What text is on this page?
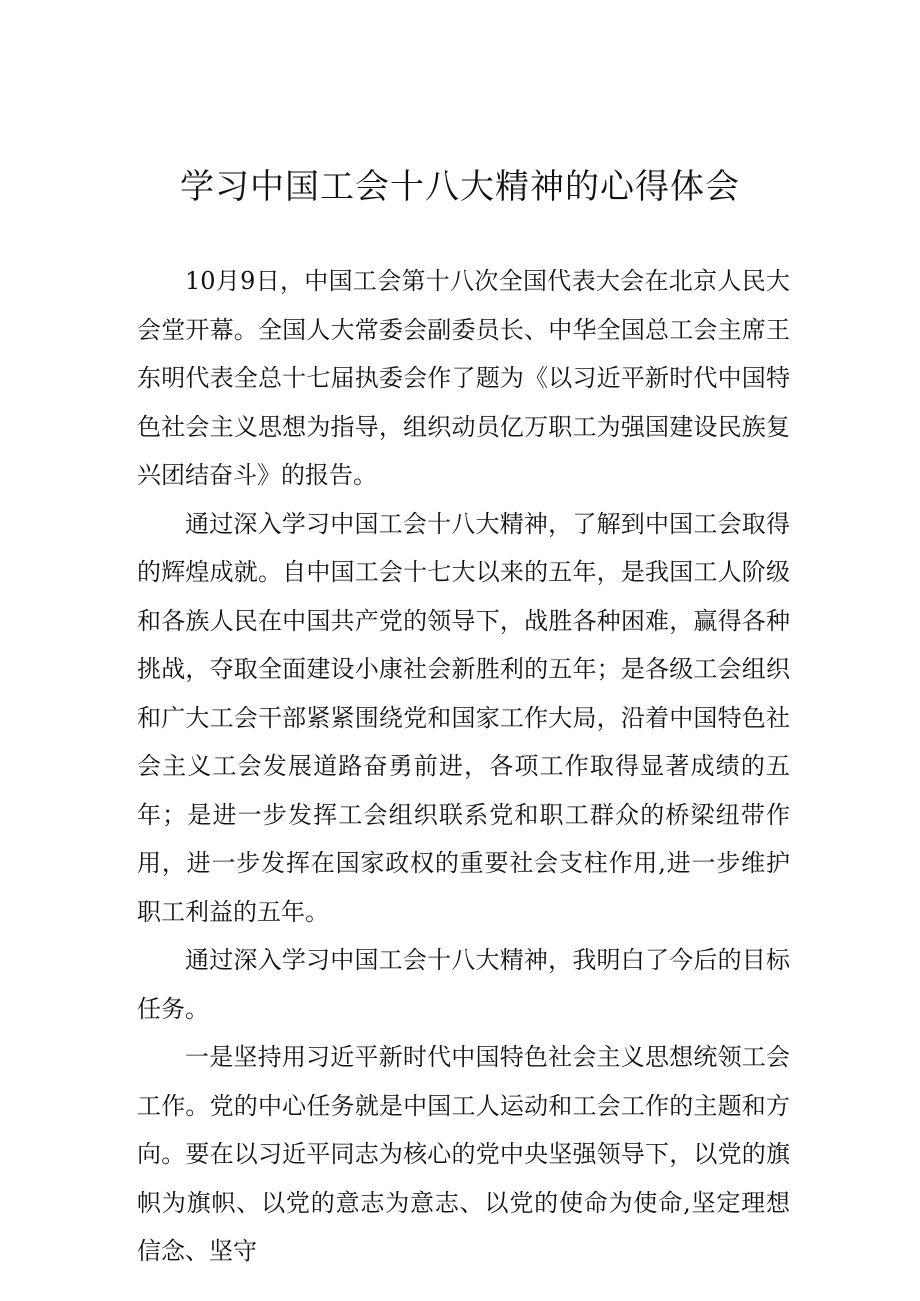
学习中国工会十八大精神的心得体会

10月9日，中国工会第十八次全国代表大会在北京人民大会堂开幕。全国人大常委会副委员长、中华全国总工会主席王东明代表全总十七届执委会作了题为《以习近平新时代中国特色社会主义思想为指导，组织动员亿万职工为强国建设民族复兴团结奋斗》的报告。

通过深入学习中国工会十八大精神，了解到中国工会取得的辉煌成就。自中国工会十七大以来的五年，是我国工人阶级和各族人民在中国共产党的领导下，战胜各种困难，赢得各种挑战，夺取全面建设小康社会新胜利的五年；是各级工会组织和广大工会干部紧紧围绕党和国家工作大局，沿着中国特色社会主义工会发展道路奋勇前进，各项工作取得显著成绩的五年；是进一步发挥工会组织联系党和职工群众的桥梁纽带作用，进一步发挥在国家政权的重要社会支柱作用,进一步维护职工利益的五年。

通过深入学习中国工会十八大精神，我明白了今后的目标任务。

一是坚持用习近平新时代中国特色社会主义思想统领工会工作。党的中心任务就是中国工人运动和工会工作的主题和方向。要在以习近平同志为核心的党中央坚强领导下，以党的旗帜为旗帜、以党的意志为意志、以党的使命为使命,坚定理想信念、坚守
